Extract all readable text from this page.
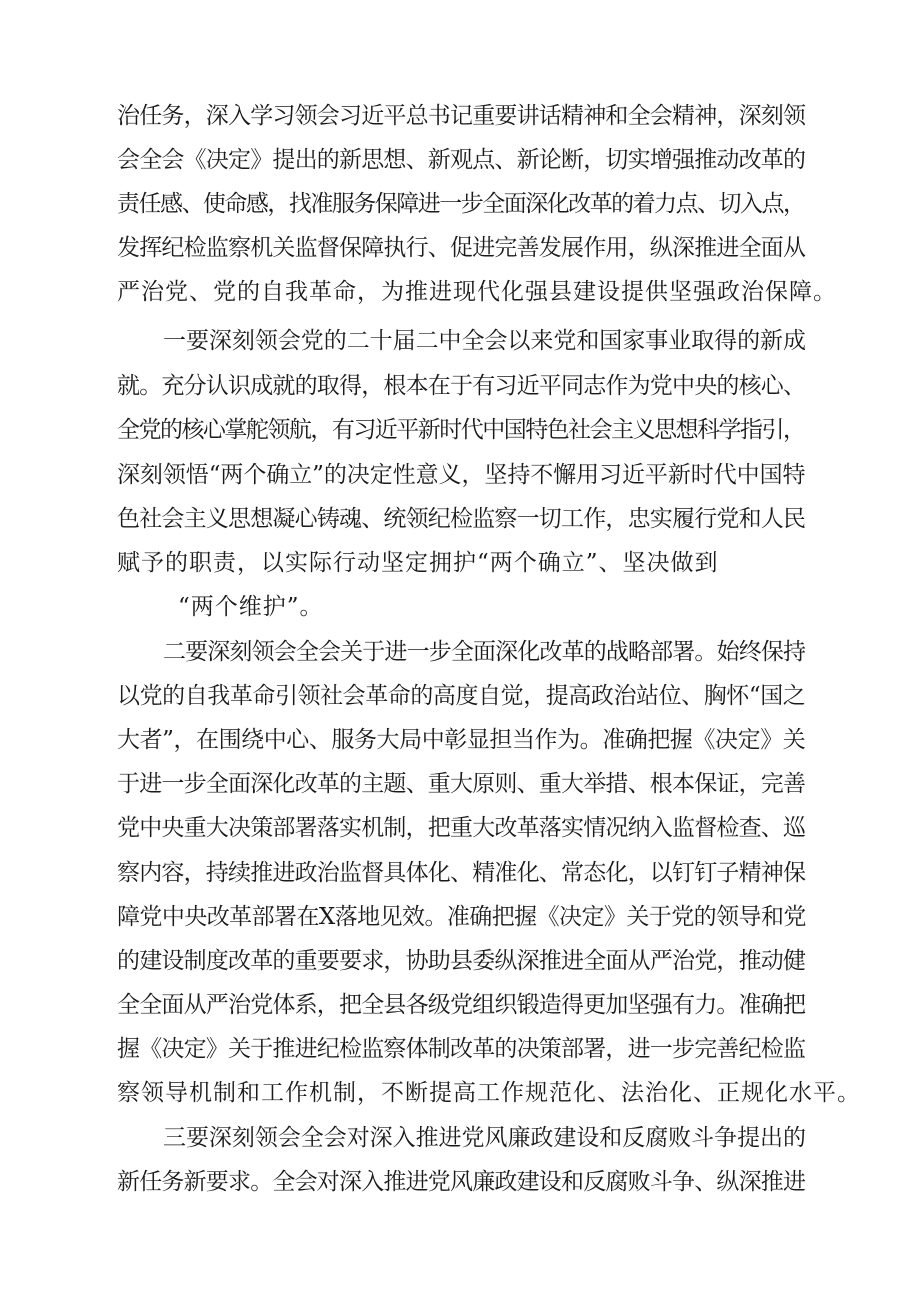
治任务，深入学习领会习近平总书记重要讲话精神和全会精神，深刻领
会全会《决定》提出的新思想、新观点、新论断，切实增强推动改革的
责任感、使命感，找准服务保障进一步全面深化改革的着力点、切入点，
发挥纪检监察机关监督保障执行、促进完善发展作用，纵深推进全面从
严治党、党的自我革命，为推进现代化强县建设提供坚强政治保障。
一要深刻领会党的二十届二中全会以来党和国家事业取得的新成
就。充分认识成就的取得，根本在于有习近平同志作为党中央的核心、
全党的核心掌舵领航，有习近平新时代中国特色社会主义思想科学指引，
深刻领悟“两个确立”的决定性意义，坚持不懈用习近平新时代中国特
色社会主义思想凝心铸魂、统领纪检监察一切工作，忠实履行党和人民
赋予的职责，以实际行动坚定拥护“两个确立”、坚决做到
“两个维护”。
二要深刻领会全会关于进一步全面深化改革的战略部署。始终保持
以党的自我革命引领社会革命的高度自觉，提高政治站位、胸怀“国之
大者”，在围绕中心、服务大局中彰显担当作为。准确把握《决定》关
于进一步全面深化改革的主题、重大原则、重大举措、根本保证，完善
党中央重大决策部署落实机制，把重大改革落实情况纳入监督检查、巡
察内容，持续推进政治监督具体化、精准化、常态化，以钉钉子精神保
障党中央改革部署在X落地见效。准确把握《决定》关于党的领导和党
的建设制度改革的重要要求，协助县委纵深推进全面从严治党，推动健
全全面从严治党体系，把全县各级党组织锻造得更加坚强有力。准确把
握《决定》关于推进纪检监察体制改革的决策部署，进一步完善纪检监
察领导机制和工作机制，不断提高工作规范化、法治化、正规化水平。
三要深刻领会全会对深入推进党风廉政建设和反腐败斗争提出的
新任务新要求。全会对深入推进党风廉政建设和反腐败斗争、纵深推进
